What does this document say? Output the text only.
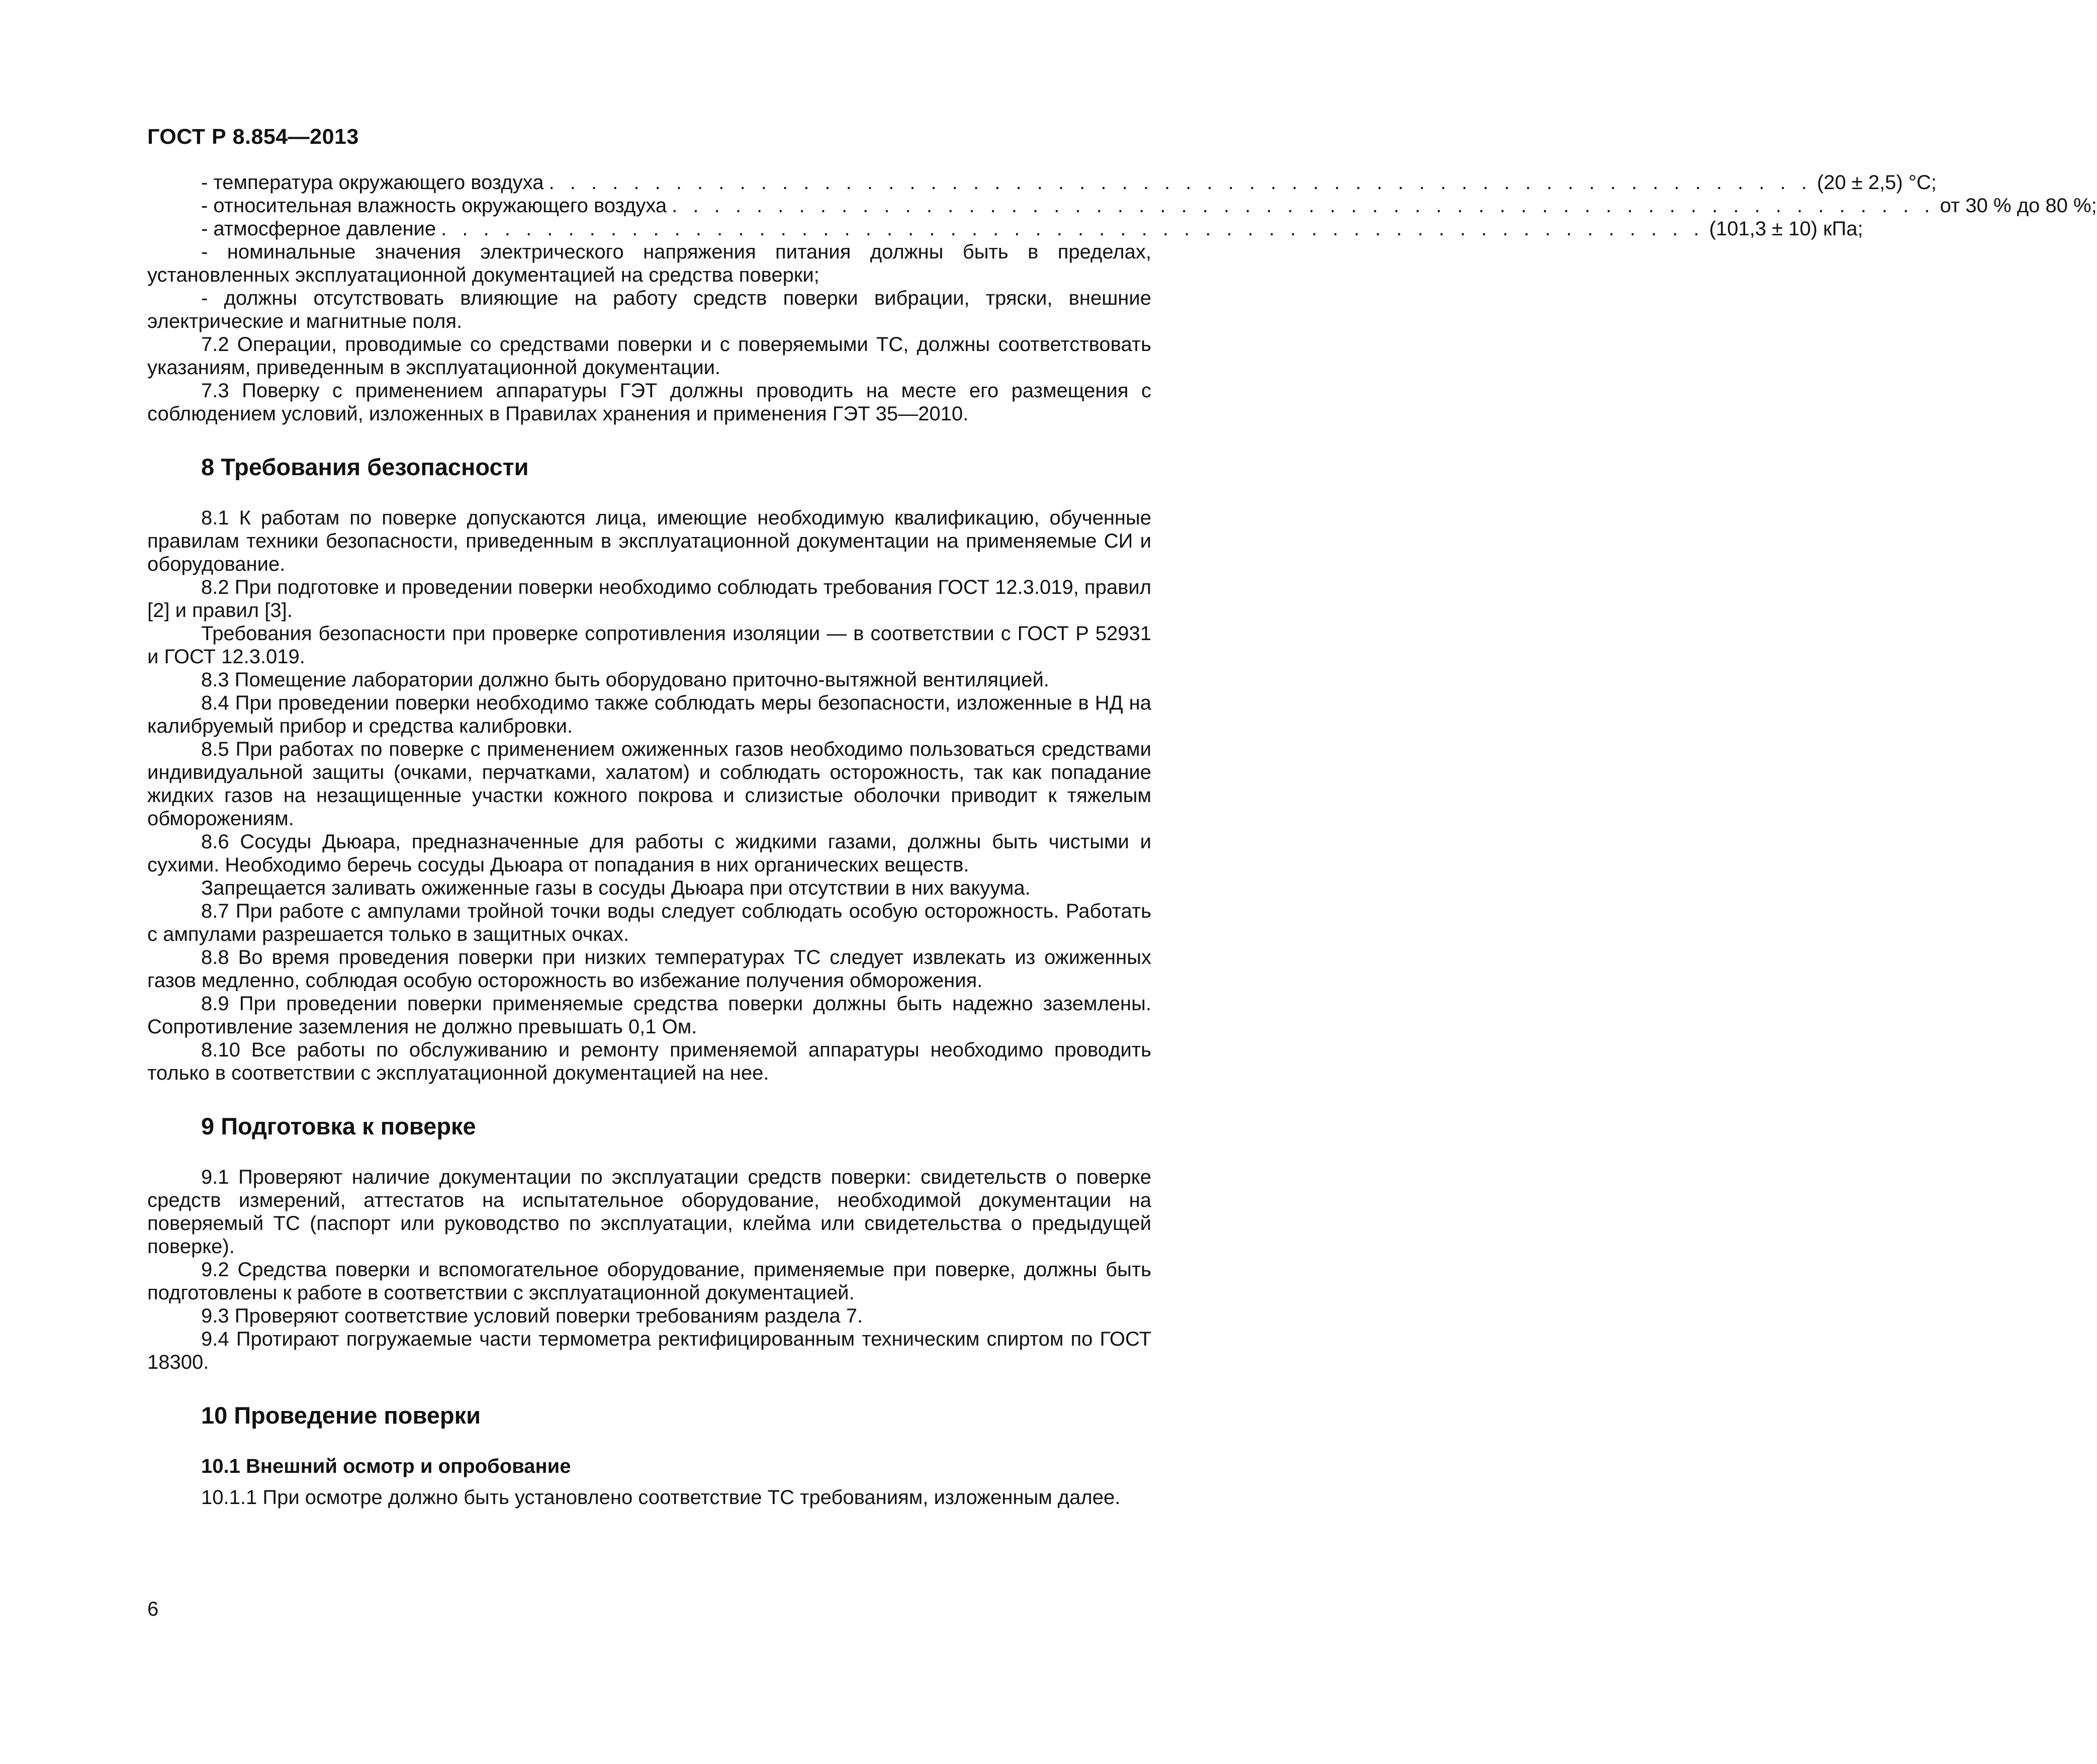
ГОСТ Р 8.854—2013
- температура окружающего воздуха . . . . . . . . . . . . . . . . . . . . . . . . . . . . . . . . . . . . . . . . . . . . . . . . . . . . . . . . . . . . (20 ± 2,5) °С;
- относительная влажность окружающего воздуха . . . . . . . . . . . . . . . . . . . . . . . . . . . . . . . . . . . . . . . . . . . . . . . . . . . . . . . . . . . . от 30 % до 80 %;
- атмосферное давление . . . . . . . . . . . . . . . . . . . . . . . . . . . . . . . . . . . . . . . . . . . . . . . . . . . . . . . . . . . . (101,3 ± 10) кПа;

- номинальные значения электрического напряжения питания должны быть в пределах, установленных эксплуатационной документацией на средства поверки;

- должны отсутствовать влияющие на работу средств поверки вибрации, тряски, внешние электрические и магнитные поля.

7.2 Операции, проводимые со средствами поверки и с поверяемыми ТС, должны соответствовать указаниям, приведенным в эксплуатационной документации.

7.3 Поверку с применением аппаратуры ГЭТ должны проводить на месте его размещения с соблюдением условий, изложенных в Правилах хранения и применения ГЭТ 35—2010.

8 Требования безопасности

8.1 К работам по поверке допускаются лица, имеющие необходимую квалификацию, обученные правилам техники безопасности, приведенным в эксплуатационной документации на применяемые СИ и оборудование.

8.2 При подготовке и проведении поверки необходимо соблюдать требования ГОСТ 12.3.019, правил [2] и правил [3].

Требования безопасности при проверке сопротивления изоляции — в соответствии с ГОСТ Р 52931 и ГОСТ 12.3.019.

8.3 Помещение лаборатории должно быть оборудовано приточно-вытяжной вентиляцией.

8.4 При проведении поверки необходимо также соблюдать меры безопасности, изложенные в НД на калибруемый прибор и средства калибровки.

8.5 При работах по поверке с применением ожиженных газов необходимо пользоваться средствами индивидуальной защиты (очками, перчатками, халатом) и соблюдать осторожность, так как попадание жидких газов на незащищенные участки кожного покрова и слизистые оболочки приводит к тяжелым обморожениям.

8.6 Сосуды Дьюара, предназначенные для работы с жидкими газами, должны быть чистыми и сухими. Необходимо беречь сосуды Дьюара от попадания в них органических веществ.

Запрещается заливать ожиженные газы в сосуды Дьюара при отсутствии в них вакуума.

8.7 При работе с ампулами тройной точки воды следует соблюдать особую осторожность. Работать с ампулами разрешается только в защитных очках.

8.8 Во время проведения поверки при низких температурах ТС следует извлекать из ожиженных газов медленно, соблюдая особую осторожность во избежание получения обморожения.

8.9 При проведении поверки применяемые средства поверки должны быть надежно заземлены. Сопротивление заземления не должно превышать 0,1 Ом.

8.10 Все работы по обслуживанию и ремонту применяемой аппаратуры необходимо проводить только в соответствии с эксплуатационной документацией на нее.

9 Подготовка к поверке

9.1 Проверяют наличие документации по эксплуатации средств поверки: свидетельств о поверке средств измерений, аттестатов на испытательное оборудование, необходимой документации на поверяемый ТС (паспорт или руководство по эксплуатации, клейма или свидетельства о предыдущей поверке).

9.2 Средства поверки и вспомогательное оборудование, применяемые при поверке, должны быть подготовлены к работе в соответствии с эксплуатационной документацией.

9.3 Проверяют соответствие условий поверки требованиям раздела 7.

9.4 Протирают погружаемые части термометра ректифицированным техническим спиртом по ГОСТ 18300.

10 Проведение поверки
10.1 Внешний осмотр и опробование

10.1.1 При осмотре должно быть установлено соответствие ТС требованиям, изложенным далее.

6
